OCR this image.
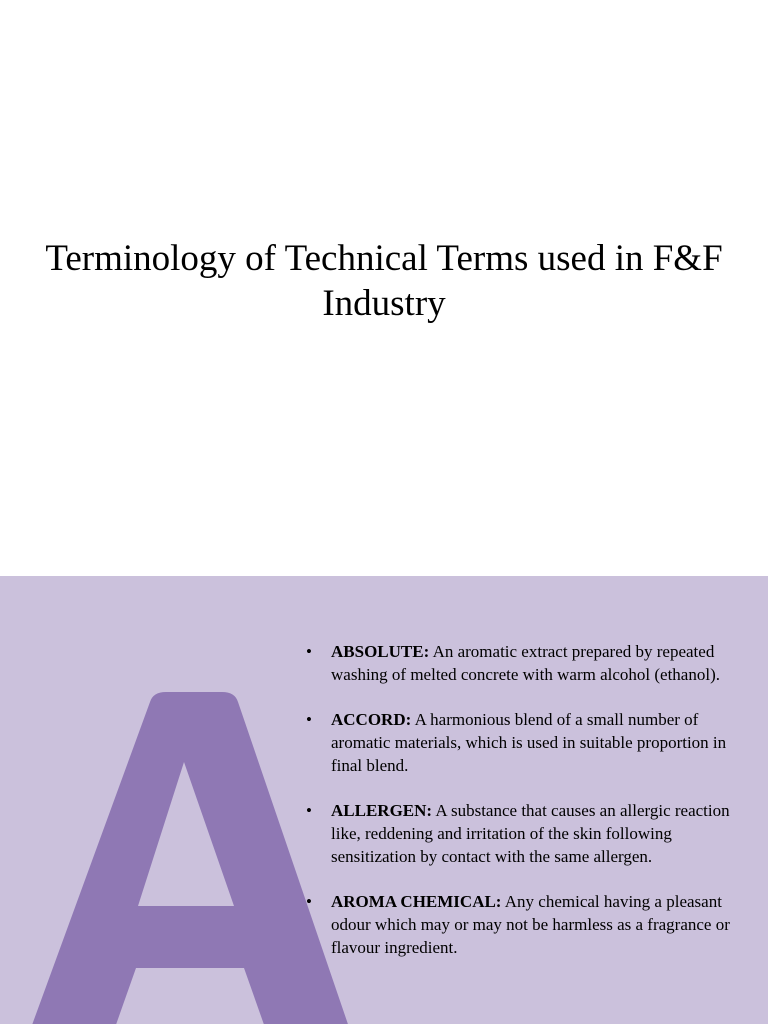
Terminology of Technical Terms used in F&F Industry
• ABSOLUTE: An aromatic extract prepared by repeated washing of melted concrete with warm alcohol (ethanol).
• ACCORD: A harmonious blend of a small number of aromatic materials, which is used in suitable proportion in final blend.
• ALLERGEN: A substance that causes an allergic reaction like, reddening and irritation of the skin following sensitization by contact with the same allergen.
• AROMA CHEMICAL: Any chemical having a pleasant odour which may or may not be harmless as a fragrance or flavour ingredient.
